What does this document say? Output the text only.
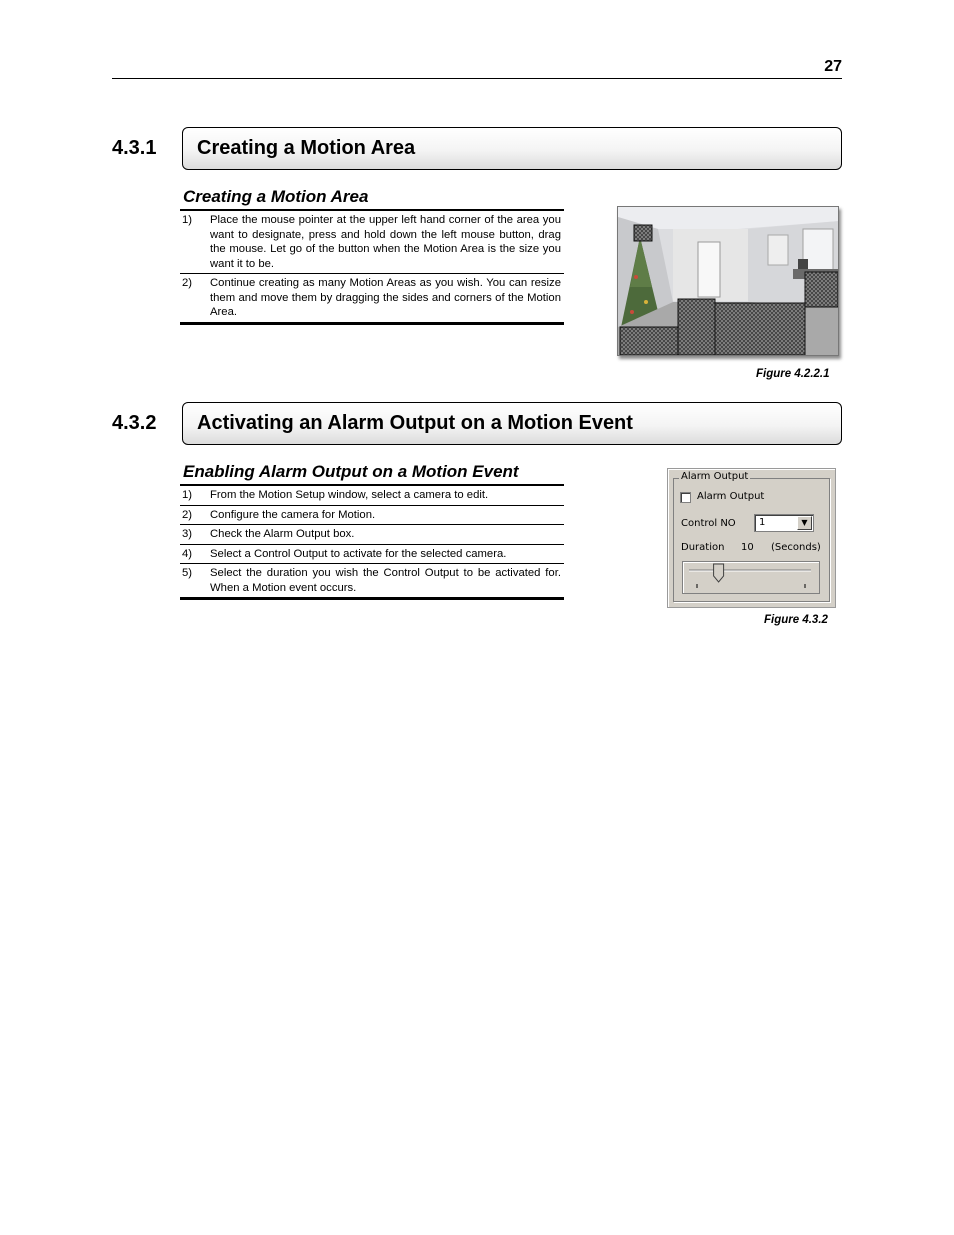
27
4.3.1 Creating a Motion Area
Creating a Motion Area
1)	Place the mouse pointer at the upper left hand corner of the area you want to designate, press and hold down the left mouse button, drag the mouse. Let go of the button when the Motion Area is the size you want it to be.
2)	Continue creating as many Motion Areas as you wish. You can resize them and move them by dragging the sides and corners of the Motion Area.
Figure 4.2.2.1
4.3.2 Activating an Alarm Output on a Motion Event
Enabling Alarm Output on a Motion Event
1)	From the Motion Setup window, select a camera to edit.
2)	Configure the camera for Motion.
3)	Check the Alarm Output box.
4)	Select a Control Output to activate for the selected camera.
5)	Select the duration you wish the Control Output to be activated for. When a Motion event occurs.
Alarm Output
Alarm Output
Control NO 1	▼
Duration 10 (Seconds)
Figure 4.3.2
